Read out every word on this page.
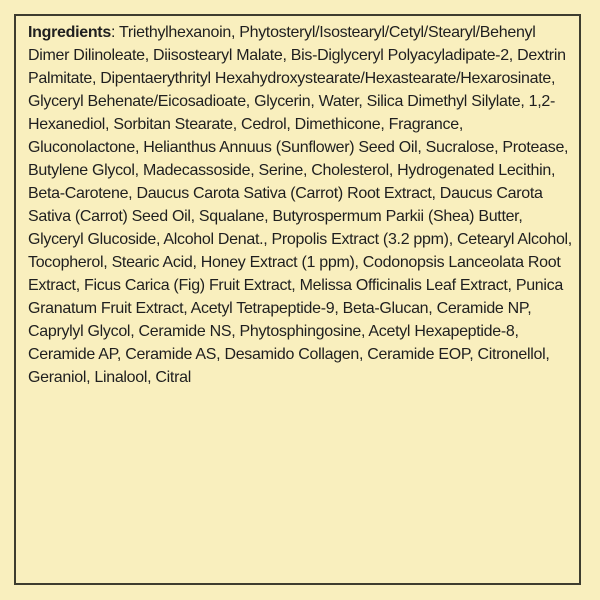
Ingredients: Triethylhexanoin, Phytosteryl/Isostearyl/Cetyl/Stearyl/Behenyl Dimer Dilinoleate, Diisostearyl Malate, Bis-Diglyceryl Polyacyladipate-2, Dextrin Palmitate, Dipentaerythrityl Hexahydroxystearate/Hexastearate/Hexarosinate, Glyceryl Behenate/Eicosadioate, Glycerin, Water, Silica Dimethyl Silylate, 1,2-Hexanediol, Sorbitan Stearate, Cedrol, Dimethicone, Fragrance, Gluconolactone, Helianthus Annuus (Sunflower) Seed Oil, Sucralose, Protease, Butylene Glycol, Madecassoside, Serine, Cholesterol, Hydrogenated Lecithin, Beta-Carotene, Daucus Carota Sativa (Carrot) Root Extract, Daucus Carota Sativa (Carrot) Seed Oil, Squalane, Butyrospermum Parkii (Shea) Butter, Glyceryl Glucoside, Alcohol Denat., Propolis Extract (3.2 ppm), Cetearyl Alcohol, Tocopherol, Stearic Acid, Honey Extract (1 ppm), Codonopsis Lanceolata Root Extract, Ficus Carica (Fig) Fruit Extract, Melissa Officinalis Leaf Extract, Punica Granatum Fruit Extract, Acetyl Tetrapeptide-9, Beta-Glucan, Ceramide NP, Caprylyl Glycol, Ceramide NS, Phytosphingosine, Acetyl Hexapeptide-8, Ceramide AP, Ceramide AS, Desamido Collagen, Ceramide EOP, Citronellol, Geraniol, Linalool, Citral
